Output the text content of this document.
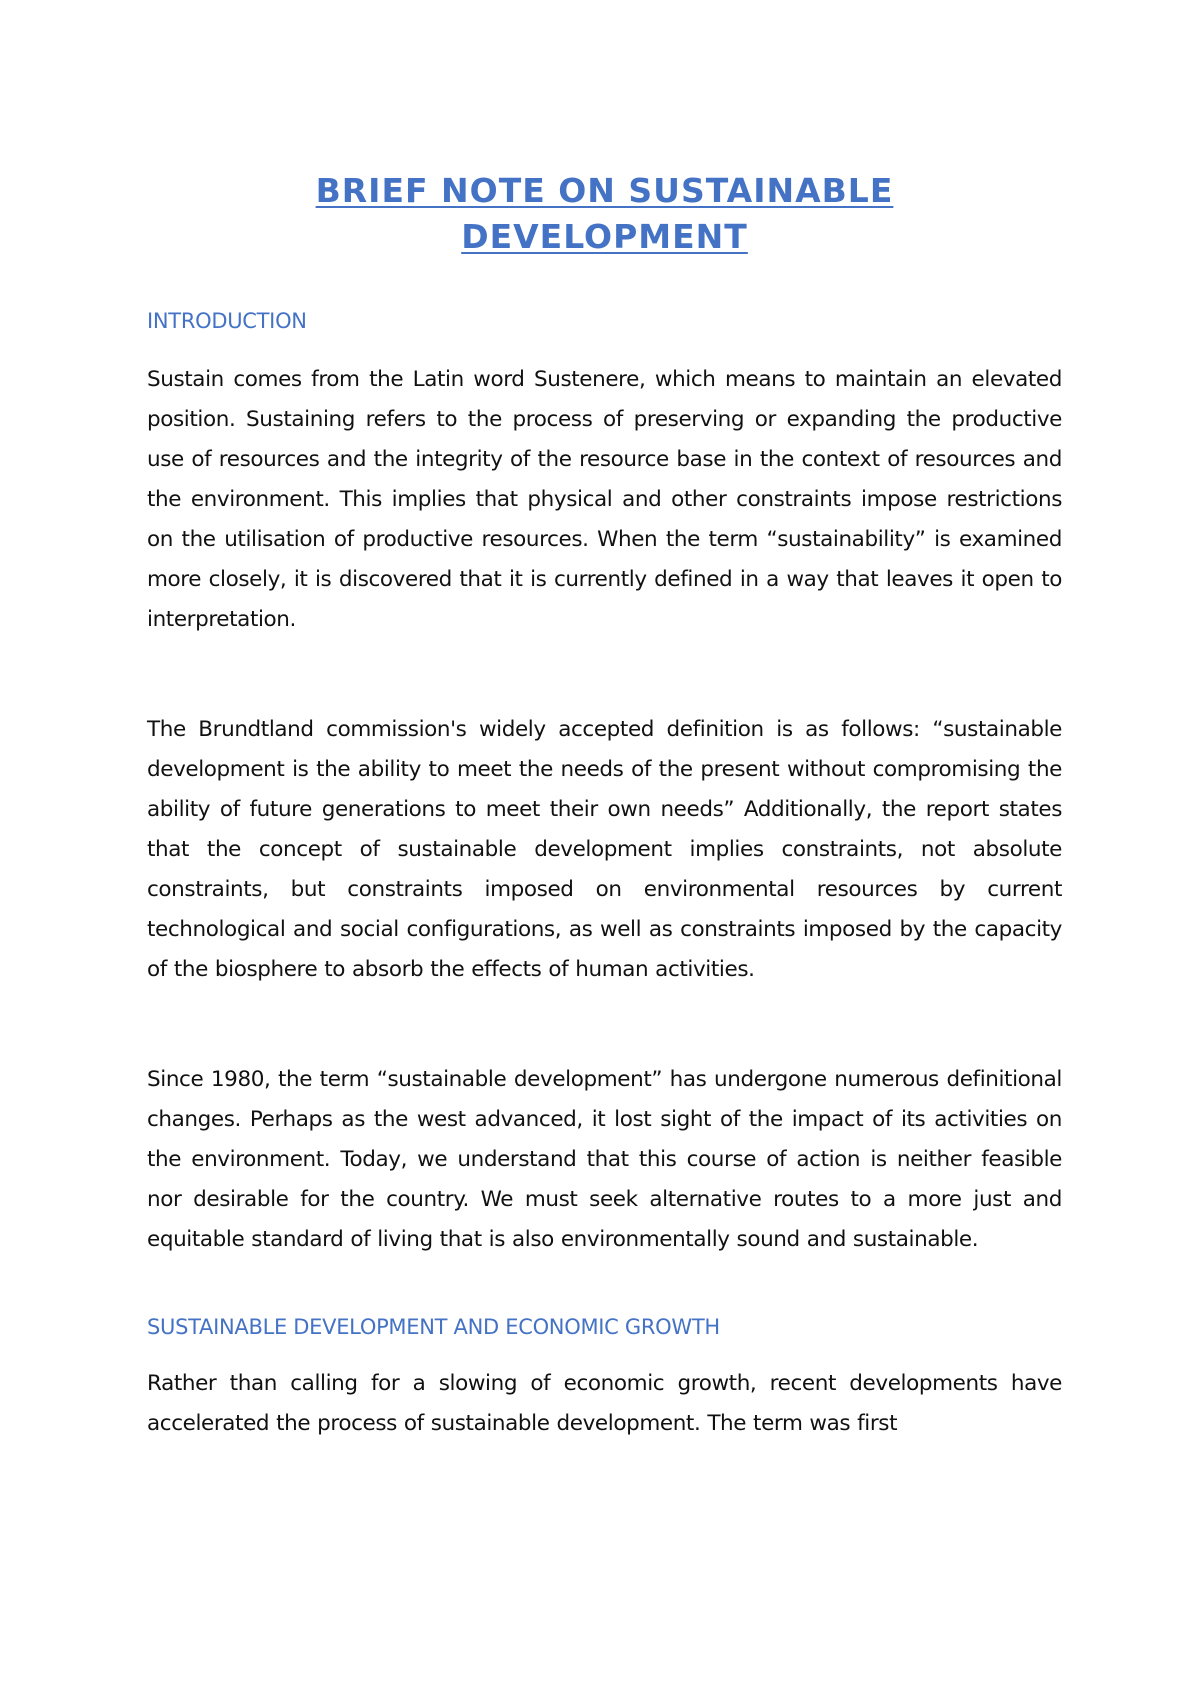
BRIEF NOTE ON SUSTAINABLE
DEVELOPMENT
INTRODUCTION

Sustain comes from the Latin word Sustenere, which means to maintain an elevated position. Sustaining refers to the process of preserving or expanding the productive use of resources and the integrity of the resource base in the context of resources and the environment. This implies that physical and other constraints impose restrictions on the utilisation of productive resources. When the term “sustainability” is examined more closely, it is discovered that it is currently defined in a way that leaves it open to interpretation.

The Brundtland commission's widely accepted definition is as follows: “sustainable development is the ability to meet the needs of the present without compromising the ability of future generations to meet their own needs” Additionally, the report states that the concept of sustainable development implies constraints, not absolute constraints, but constraints imposed on environmental resources by current technological and social configurations, as well as constraints imposed by the capacity of the biosphere to absorb the effects of human activities.

Since 1980, the term “sustainable development” has undergone numerous definitional changes. Perhaps as the west advanced, it lost sight of the impact of its activities on the environment. Today, we understand that this course of action is neither feasible nor desirable for the country. We must seek alternative routes to a more just and equitable standard of living that is also environmentally sound and sustainable.

SUSTAINABLE DEVELOPMENT AND ECONOMIC GROWTH

Rather than calling for a slowing of economic growth, recent developments have accelerated the process of sustainable development. The term was first
